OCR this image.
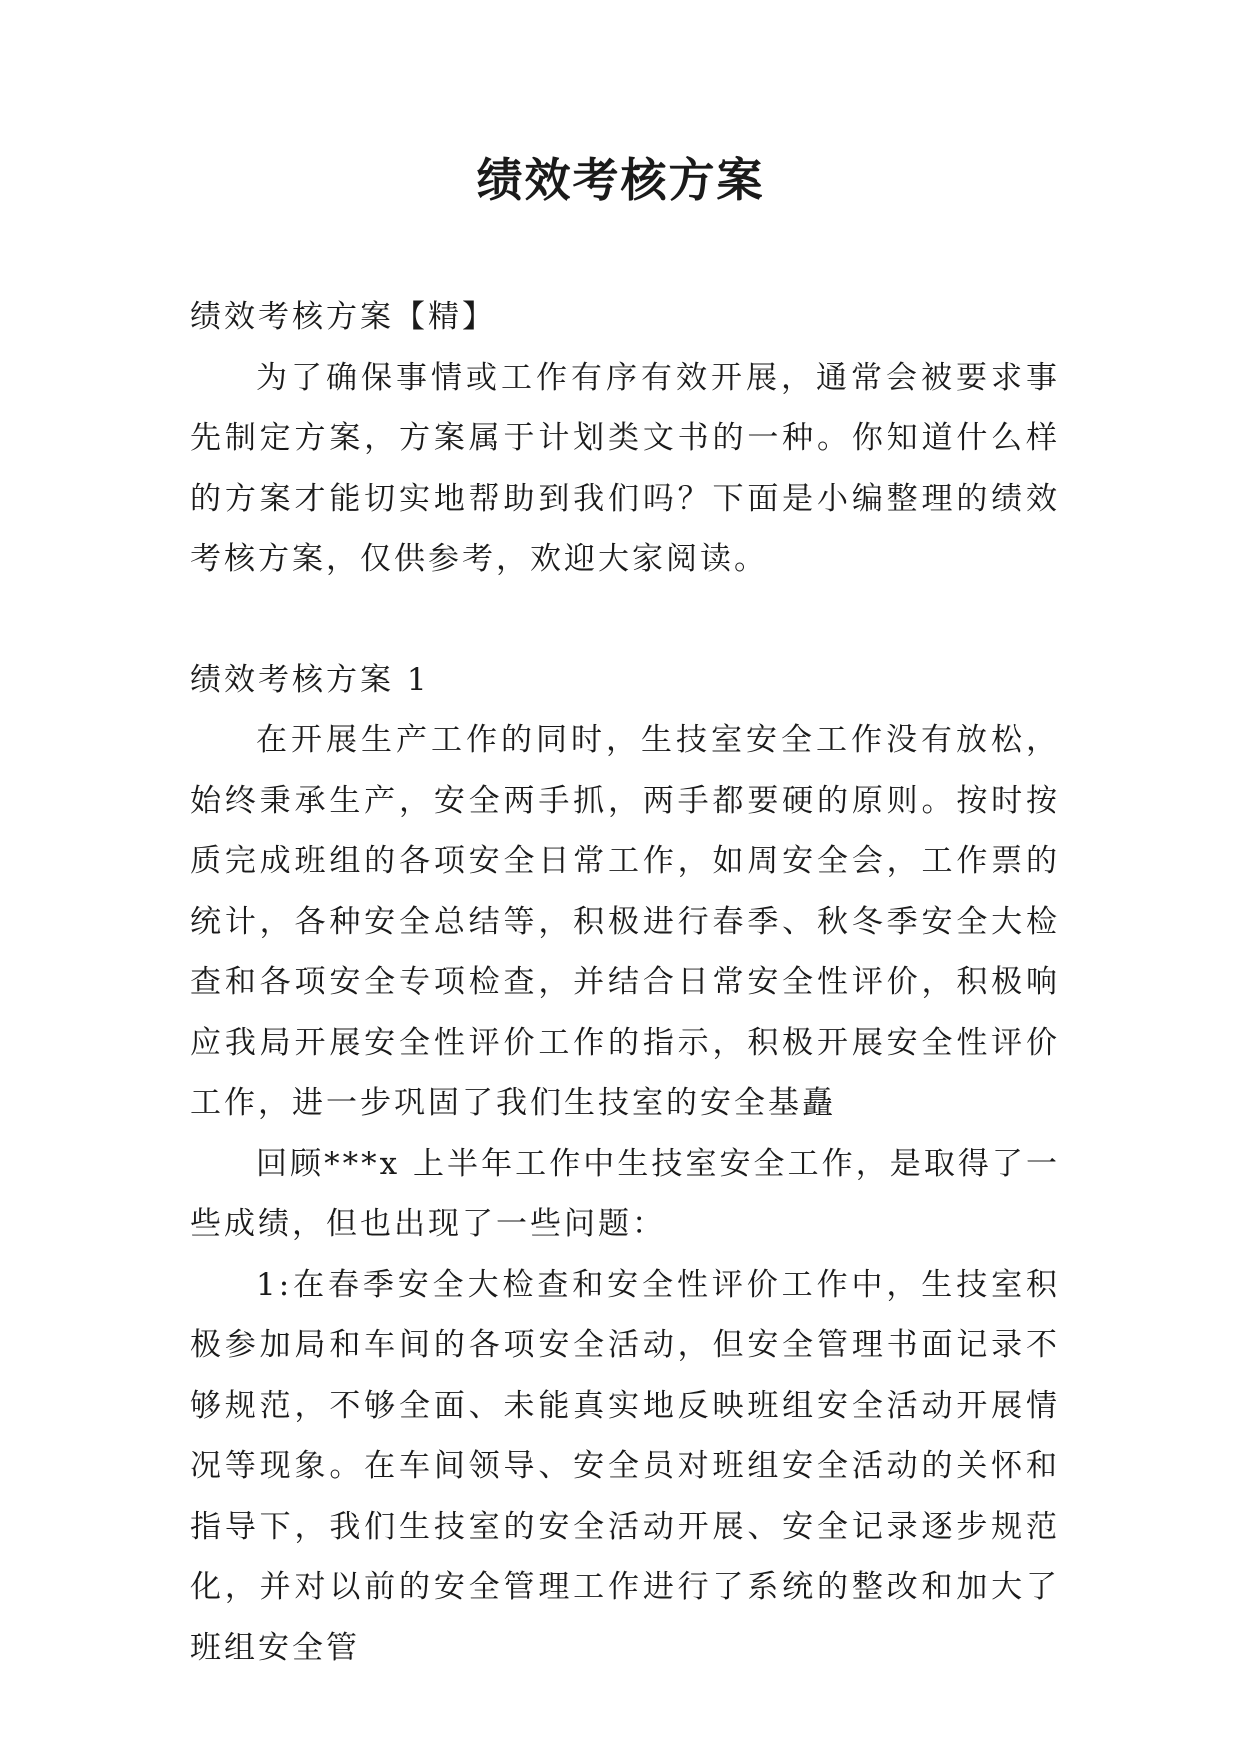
绩效考核方案

绩效考核方案【精】

为了确保事情或工作有序有效开展，通常会被要求事先制定方案，方案属于计划类文书的一种。你知道什么样的方案才能切实地帮助到我们吗？下面是小编整理的绩效考核方案，仅供参考，欢迎大家阅读。

绩效考核方案 1

在开展生产工作的同时，生技室安全工作没有放松，始终秉承生产，安全两手抓，两手都要硬的原则。按时按质完成班组的各项安全日常工作，如周安全会，工作票的统计，各种安全总结等，积极进行春季、秋冬季安全大检查和各项安全专项检查，并结合日常安全性评价，积极响应我局开展安全性评价工作的指示，积极开展安全性评价工作，进一步巩固了我们生技室的安全基矗

回顾***x 上半年工作中生技室安全工作，是取得了一些成绩，但也出现了一些问题：

1:在春季安全大检查和安全性评价工作中，生技室积极参加局和车间的各项安全活动，但安全管理书面记录不够规范，不够全面、未能真实地反映班组安全活动开展情况等现象。在车间领导、安全员对班组安全活动的关怀和指导下，我们生技室的安全活动开展、安全记录逐步规范化，并对以前的安全管理工作进行了系统的整改和加大了班组安全管
